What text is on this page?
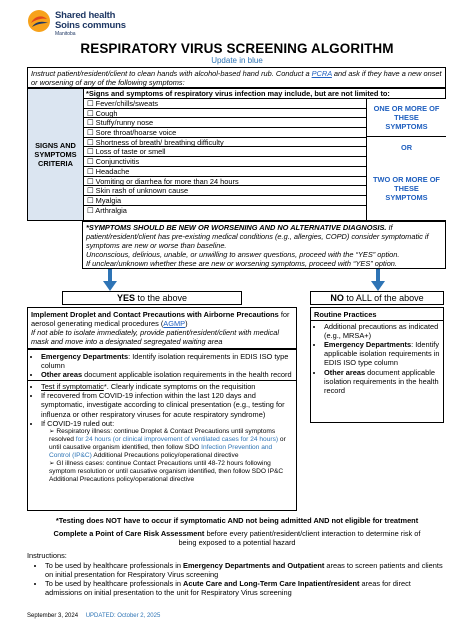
Shared health
Soins communs
Manitoba
RESPIRATORY VIRUS SCREENING ALGORITHM
Update in blue
Instruct patient/resident/client to clean hands with alcohol-based hand rub. Conduct a PCRA and ask if they have a new onset or worsening of any of the following symptoms:
SIGNS AND SYMPTOMS CRITERIA
*Signs and symptoms of respiratory virus infection may include, but are not limited to:
☐ Fever/chills/sweats
☐ Cough
☐ Stuffy/runny nose
☐ Sore throat/hoarse voice
☐ Shortness of breath/ breathing difficulty
☐ Loss of taste or smell
☐ Conjunctivitis
☐ Headache
☐ Vomiting or diarrhea for more than 24 hours
☐ Skin rash of unknown cause
☐ Myalgia
☐ Arthralgia
ONE OR MORE OF THESE SYMPTOMS
OR
TWO OR MORE OF THESE SYMPTOMS
*SYMPTOMS SHOULD BE NEW OR WORSENING AND NO ALTERNATIVE DIAGNOSIS. If patient/resident/client has pre-existing medical conditions (e.g., allergies, COPD) consider symptomatic if symptoms are new or worse than baseline.
Unconscious, delirious, unable, or unwilling to answer questions, proceed with the “YES” option.
If unclear/unknown whether these are new or worsening symptoms, proceed with “YES” option.
YES to the above	NO to ALL of the above
Implement Droplet and Contact Precautions with Airborne Precautions for aerosol generating medical procedures (AGMP)
If not able to isolate immediately, provide patient/resident/client with medical mask and move into a designated segregated waiting area
• Emergency Departments: Identify isolation requirements in EDIS ISO type column
• Other areas document applicable isolation requirements in the health record
• Test if symptomatic*. Clearly indicate symptoms on the requisition
• If recovered from COVID-19 infection within the last 120 days and symptomatic, investigate according to clinical presentation (e.g., testing for influenza or other respiratory viruses for acute respiratory syndrome)
• If COVID-19 ruled out:
➢ Respiratory illness: continue Droplet & Contact Precautions until symptoms resolved for 24 hours (or clinical improvement of ventilated cases for 24 hours) or until causative organism identified, then follow SDO Infection Prevention and Control (IP&C) Additional Precautions policy/operational directive
➢ GI illness cases: continue Contact Precautions until 48-72 hours following symptom resolution or until causative organism identified, then follow SDO IP&C Additional Precautions policy/operational directive
Routine Practices
• Additional precautions as indicated (e.g., MRSA+)
• Emergency Departments: Identify applicable isolation requirements in EDIS ISO type column
• Other areas document applicable isolation requirements in the health record
*Testing does NOT have to occur if symptomatic AND not being admitted AND not eligible for treatment
Complete a Point of Care Risk Assessment before every patient/resident/client interaction to determine risk of being exposed to a potential hazard
Instructions:
• To be used by healthcare professionals in Emergency Departments and Outpatient areas to screen patients and clients on initial presentation for Respiratory Virus screening
• To be used by healthcare professionals in Acute Care and Long-Term Care Inpatient/resident areas for direct admissions on initial presentation to the unit for Respiratory Virus screening
September 3, 2024 UPDATED: October 2, 2025
